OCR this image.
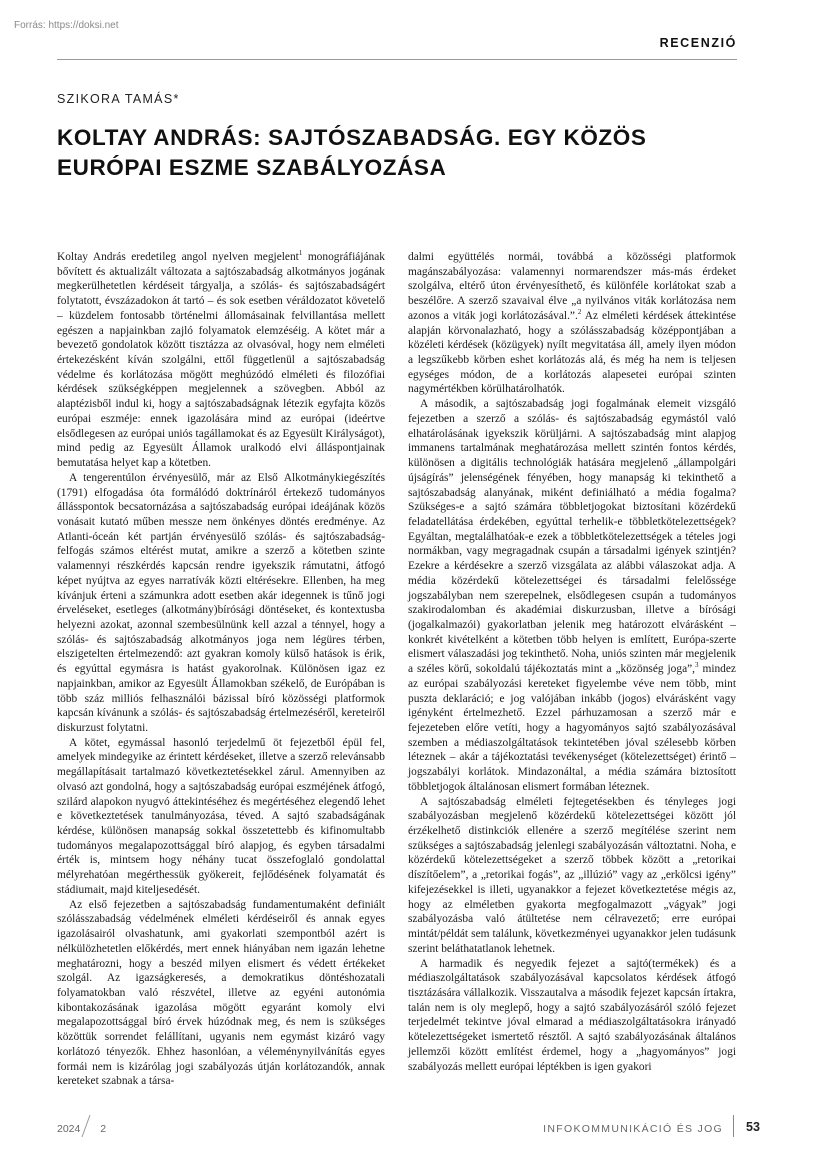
Forrás: https://doksi.net
RECENZIÓ
SZIKORA TAMÁS*
KOLTAY ANDRÁS: SAJTÓSZABADSÁG. EGY KÖZÖS EURÓPAI ESZME SZABÁLYOZÁSA

Koltay András eredetileg angol nyelven megjelent$^1$ monográfiájának bővített és aktualizált változata a sajtószabadság alkotmányos jogának megkerülhetetlen kérdéseit tárgyalja, a szólás- és sajtószabadságért folytatott, évszázadokon át tartó – és sok esetben véráldozatot követelő – küzdelem fontosabb történelmi állomásainak felvillantása mellett egészen a napjainkban zajló folyamatok elemzéséig. A kötet már a bevezető gondolatok között tisztázza az olvasóval, hogy nem elméleti értekezésként kíván szolgálni, ettől függetlenül a sajtószabadság védelme és korlátozása mögött meghúzódó elméleti és filozófiai kérdések szükségképpen megjelennek a szövegben. Abból az alaptézisből indul ki, hogy a sajtószabadságnak létezik egyfajta közös európai eszméje: ennek igazolására mind az európai (ideértve elsődlegesen az európai uniós tagállamokat és az Egyesült Királyságot), mind pedig az Egyesült Államok uralkodó elvi álláspontjainak bemutatása helyet kap a kötetben.

A tengerentúlon érvényesülő, már az Első Alkotmánykiegészítés (1791) elfogadása óta formálódó doktrínáról értekező tudományos állásspontok becsatornázása a sajtószabadság európai ideájának közös vonásait kutató műben messze nem önkényes döntés eredménye. Az Atlanti-óceán két partján érvényesülő szólás- és sajtószabadság-felfogás számos eltérést mutat, amikre a szerző a kötetben szinte valamennyi részkérdés kapcsán rendre igyekszik rámutatni, átfogó képet nyújtva az egyes narratívák közti eltérésekre. Ellenben, ha meg kívánjuk érteni a számunkra adott esetben akár idegennek is tűnő jogi érveléseket, esetleges (alkotmány)bírósági döntéseket, és kontextusba helyezni azokat, azonnal szembesülnünk kell azzal a ténnyel, hogy a szólás- és sajtószabadság alkotmányos joga nem légüres térben, elszigetelten értelmezendő: azt gyakran komoly külső hatások is érik, és egyúttal egymásra is hatást gyakorolnak. Különösen igaz ez napjainkban, amikor az Egyesült Államokban székelő, de Európában is több száz milliós felhasználói bázissal bíró közösségi platformok kapcsán kívánunk a szólás- és sajtószabadság értelmezéséről, kereteiről diskurzust folytatni.

A kötet, egymással hasonló terjedelmű öt fejezetből épül fel, amelyek mindegyike az érintett kérdéseket, illetve a szerző relevánsabb megállapításait tartalmazó következtetésekkel zárul. Amennyiben az olvasó azt gondolná, hogy a sajtószabadság európai eszméjének átfogó, szilárd alapokon nyugvó áttekintéséhez és megértéséhez elegendő lehet e következtetések tanulmányozása, téved. A sajtó szabadságának kérdése, különösen manapság sokkal összetettebb és kifinomultabb tudományos megalapozottsággal bíró alapjog, és egyben társadalmi érték is, mintsem hogy néhány tucat összefoglaló gondolattal mélyrehatóan megérthessük gyökereit, fejlődésének folyamatát és stádiumait, majd kiteljesedését.

Az első fejezetben a sajtószabadság fundamentumaként definiált szólásszabadság védelmének elméleti kérdéseiről és annak egyes igazolásairól olvashatunk, ami gyakorlati szempontból azért is nélkülözhetetlen előkérdés, mert ennek hiányában nem igazán lehetne meghatározni, hogy a beszéd milyen elismert és védett értékeket szolgál. Az igazságkeresés, a demokratikus döntéshozatali folyamatokban való részvétel, illetve az egyéni autonómia kibontakozásának igazolása mögött egyaránt komoly elvi megalapozottsággal bíró érvek húzódnak meg, és nem is szükséges közöttük sorrendet felállítani, ugyanis nem egymást kizáró vagy korlátozó tényezők. Ehhez hasonlóan, a véleménynyilvánítás egyes formái nem is kizárólag jogi szabályozás útján korlátozandók, annak kereteket szabnak a társa-

dalmi együttélés normái, továbbá a közösségi platformok magánszabályozása: valamennyi normarendszer más-más érdeket szolgálva, eltérő úton érvényesíthető, és különféle korlátokat szab a beszélőre. A szerző szavaival élve „a nyilvános viták korlátozása nem azonos a viták jogi korlátozásával.”.$^2$ Az elméleti kérdések áttekintése alapján körvonalazható, hogy a szólásszabadság középpontjában a közéleti kérdések (közügyek) nyílt megvitatása áll, amely ilyen módon a legszűkebb körben eshet korlátozás alá, és még ha nem is teljesen egységes módon, de a korlátozás alapesetei európai szinten nagymértékben körülhatárolhatók.

A második, a sajtószabadság jogi fogalmának elemeit vizsgáló fejezetben a szerző a szólás- és sajtószabadság egymástól való elhatárolásának igyekszik körüljárni. A sajtószabadság mint alapjog immanens tartalmának meghatározása mellett szintén fontos kérdés, különösen a digitális technológiák hatására megjelenő „állampolgári újságírás” jelenségének fényében, hogy manapság ki tekinthető a sajtószabadság alanyának, miként definiálható a média fogalma? Szükséges-e a sajtó számára többletjogokat biztosítani közérdekű feladatellátása érdekében, egyúttal terhelik-e többletkötelezettségek? Egyáltan, megtalálhatóak-e ezek a többletkötelezettségek a tételes jogi normákban, vagy megragadnak csupán a társadalmi igények szintjén? Ezekre a kérdésekre a szerző vizsgálata az alábbi válaszokat adja. A média közérdekű kötelezettségei és társadalmi felelőssége jogszabályban nem szerepelnek, elsődlegesen csupán a tudományos szakirodalomban és akadémiai diskurzusban, illetve a bírósági (jogalkalmazói) gyakorlatban jelenik meg határozott elvárásként – konkrét kivételként a kötetben több helyen is említett, Európa-szerte elismert válaszadási jog tekinthető. Noha, uniós szinten már megjelenik a széles körű, sokoldalú tájékoztatás mint a „közönség joga”,$^3$ mindez az európai szabályozási kereteket figyelembe véve nem több, mint puszta deklaráció; e jog valójában inkább (jogos) elvárásként vagy igényként értelmezhető. Ezzel párhuzamosan a szerző már e fejezeteben előre vetíti, hogy a hagyományos sajtó szabályozásával szemben a médiaszolgáltatások tekintetében jóval szélesebb körben léteznek – akár a tájékoztatási tevékenységet (kötelezettséget) érintő – jogszabályi korlátok. Mindazonáltal, a média számára biztosított többletjogok általánosan elismert formában léteznek.

A sajtószabadság elméleti fejtegetésekben és tényleges jogi szabályozásban megjelenő közérdekű kötelezettségei között jól érzékelhető distinkciók ellenére a szerző megítélése szerint nem szükséges a sajtószabadság jelenlegi szabályozásán változtatni. Noha, e közérdekű kötelezettségeket a szerző többek között a „retorikai díszítőelem”, a „retorikai fogás”, az „illúzió” vagy az „erkölcsi igény” kifejezésekkel is illeti, ugyanakkor a fejezet következtetése mégis az, hogy az elméletben gyakorta megfogalmazott „vágyak” jogi szabályozásba való átültetése nem célravezető; erre európai mintát/példát sem találunk, következményei ugyanakkor jelen tudásunk szerint beláthatatlanok lehetnek.

A harmadik és negyedik fejezet a sajtó(termékek) és a médiaszolgáltatások szabályozásával kapcsolatos kérdések átfogó tisztázására vállalkozik. Visszautalva a második fejezet kapcsán írtakra, talán nem is oly meglepő, hogy a sajtó szabályozásáról szóló fejezet terjedelmét tekintve jóval elmarad a médiaszolgáltatásokra irányadó kötelezettségeket ismertető résztől. A sajtó szabályozásának általános jellemzői között említést érdemel, hogy a „hagyományos” jogi szabályozás mellett európai léptékben is igen gyakori

2024 2	INFOKOMMUNIKÁCIÓ ÉS JOG 53
